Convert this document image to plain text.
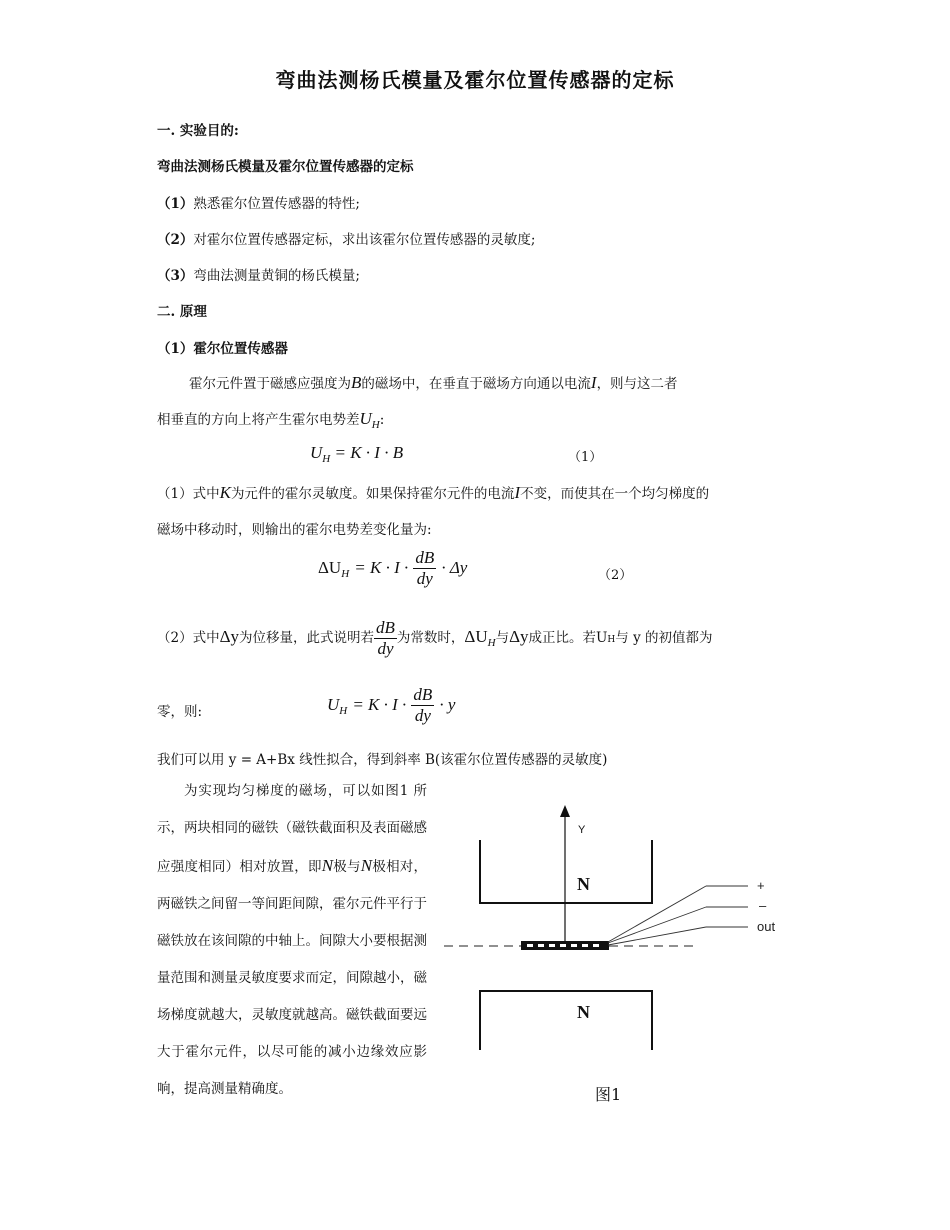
弯曲法测杨氏模量及霍尔位置传感器的定标
一. 实验目的:
弯曲法测杨氏模量及霍尔位置传感器的定标
（1）熟悉霍尔位置传感器的特性;
（2）对霍尔位置传感器定标，求出该霍尔位置传感器的灵敏度;
（3）弯曲法测量黄铜的杨氏模量;
二. 原理
（1）霍尔位置传感器
霍尔元件置于磁感应强度为B的磁场中，在垂直于磁场方向通以电流I，则与这二者
相垂直的方向上将产生霍尔电势差$U_H$:
$U_H = K \cdot I \cdot B$	（1）
（1）式中K为元件的霍尔灵敏度。如果保持霍尔元件的电流I不变，而使其在一个均匀梯度的
磁场中移动时，则输出的霍尔电势差变化量为:
$\Delta U_H = K \cdot I \cdot \frac{dB}{dy} \cdot \Delta y$	（2）
（2）式中Δy为位移量，此式说明若 $\frac{dB}{dy}$ 为常数时，$\Delta U_H$与Δy成正比。若UH与 y 的初值都为
零，则:	$U_H = K \cdot I \cdot \frac{dB}{dy} \cdot y$
我们可以用 y = A+Bx 线性拟合，得到斜率 B(该霍尔位置传感器的灵敏度)
为实现均匀梯度的磁场，可以如图1 所示，两块相同的磁铁（磁铁截面积及表面磁感应强度相同）相对放置，即N极与N极相对，两磁铁之间留一等间距间隙，霍尔元件平行于磁铁放在该间隙的中轴上。间隙大小要根据测量范围和测量灵敏度要求而定，间隙越小，磁场梯度就越大，灵敏度就越高。磁铁截面要远大于霍尔元件，以尽可能的减小边缘效应影响，提高测量精确度。
Y
N
N
+
–
out
图1
